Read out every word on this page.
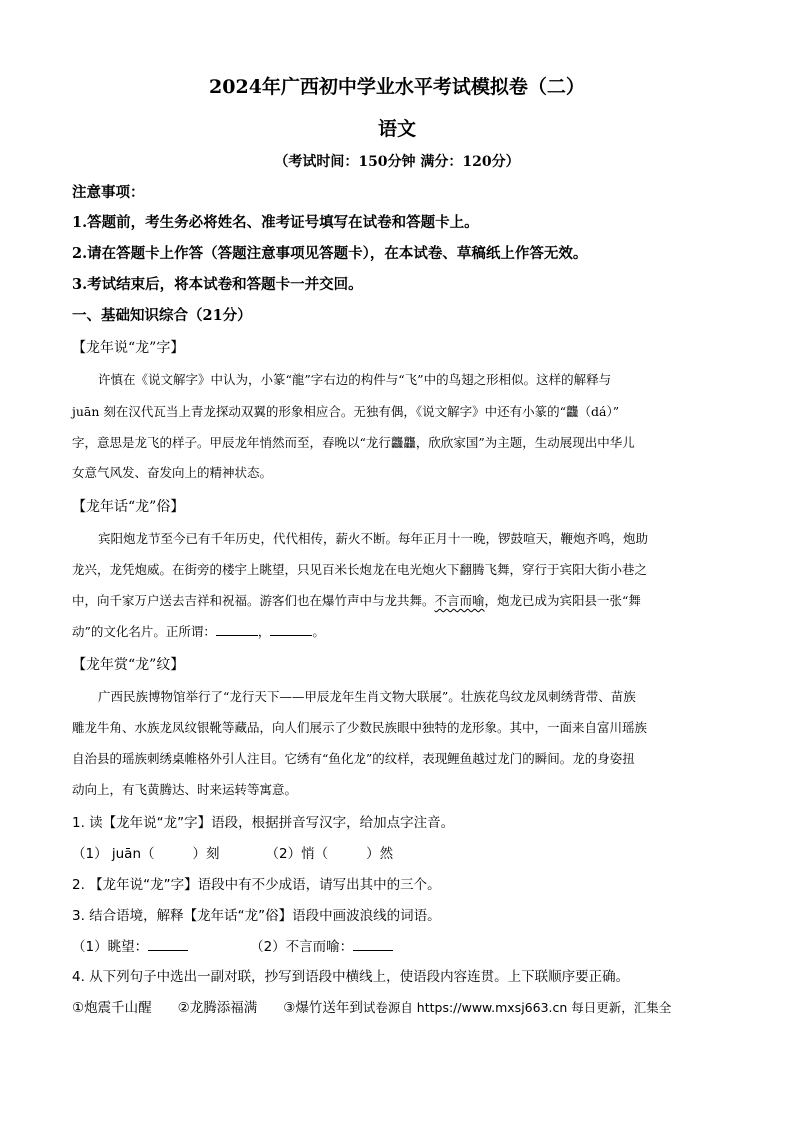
2024年广西初中学业水平考试模拟卷（二）
语文
（考试时间：150分钟 满分：120分）
注意事项：
1.答题前，考生务必将姓名、准考证号填写在试卷和答题卡上。
2.请在答题卡上作答（答题注意事项见答题卡），在本试卷、草稿纸上作答无效。
3.考试结束后，将本试卷和答题卡一并交回。
一、基础知识综合（21分）
【龙年说“龙”字】
许慎在《说文解字》中认为，小篆“龍”字右边的构件与“飞”中的鸟翅之形相似。这样的解释与
juān 刻在汉代瓦当上青龙探动双翼的形象相应合。无独有偶，《说文解字》中还有小篆的“龘（dá）”
字，意思是龙飞的样子。甲辰龙年悄然而至，春晚以“龙行龘龘，欣欣家国”为主题，生动展现出中华儿
女意气风发、奋发向上的精神状态。
【龙年话“龙”俗】
宾阳炮龙节至今已有千年历史，代代相传，薪火不断。每年正月十一晚，锣鼓喧天，鞭炮齐鸣，炮助
龙兴，龙凭炮威。在街旁的楼宇上眺望，只见百米长炮龙在电光炮火下翻腾飞舞，穿行于宾阳大街小巷之
中，向千家万户送去吉祥和祝福。游客们也在爆竹声中与龙共舞。不言而喻，炮龙已成为宾阳县一张“舞
动”的文化名片。正所谓：	，	。
【龙年赏“龙”纹】
广西民族博物馆举行了“龙行天下——甲辰龙年生肖文物大联展”。壮族花鸟纹龙凤刺绣背带、苗族
雕龙牛角、水族龙凤纹银靴等藏品，向人们展示了少数民族眼中独特的龙形象。其中，一面来自富川瑶族
自治县的瑶族刺绣桌帷格外引人注目。它绣有“鱼化龙”的纹样，表现鲤鱼越过龙门的瞬间。龙的身姿扭
动向上，有飞黄腾达、时来运转等寓意。
1. 读【龙年说“龙”字】语段，根据拼音写汉字，给加点字注音。
（1） juān（	）刻	（2）悄（	）然
2. 【龙年说“龙”字】语段中有不少成语，请写出其中的三个。
3. 结合语境，解释【龙年话“龙”俗】语段中画波浪线的词语。
（1）眺望：	（2）不言而喻：
4. 从下列句子中选出一副对联，抄写到语段中横线上，使语段内容连贯。上下联顺序要正确。
①炮震千山醒 ②龙腾添福满 ③爆竹送年到试卷源自 https://www.mxsj663.cn 每日更新，汇集全
